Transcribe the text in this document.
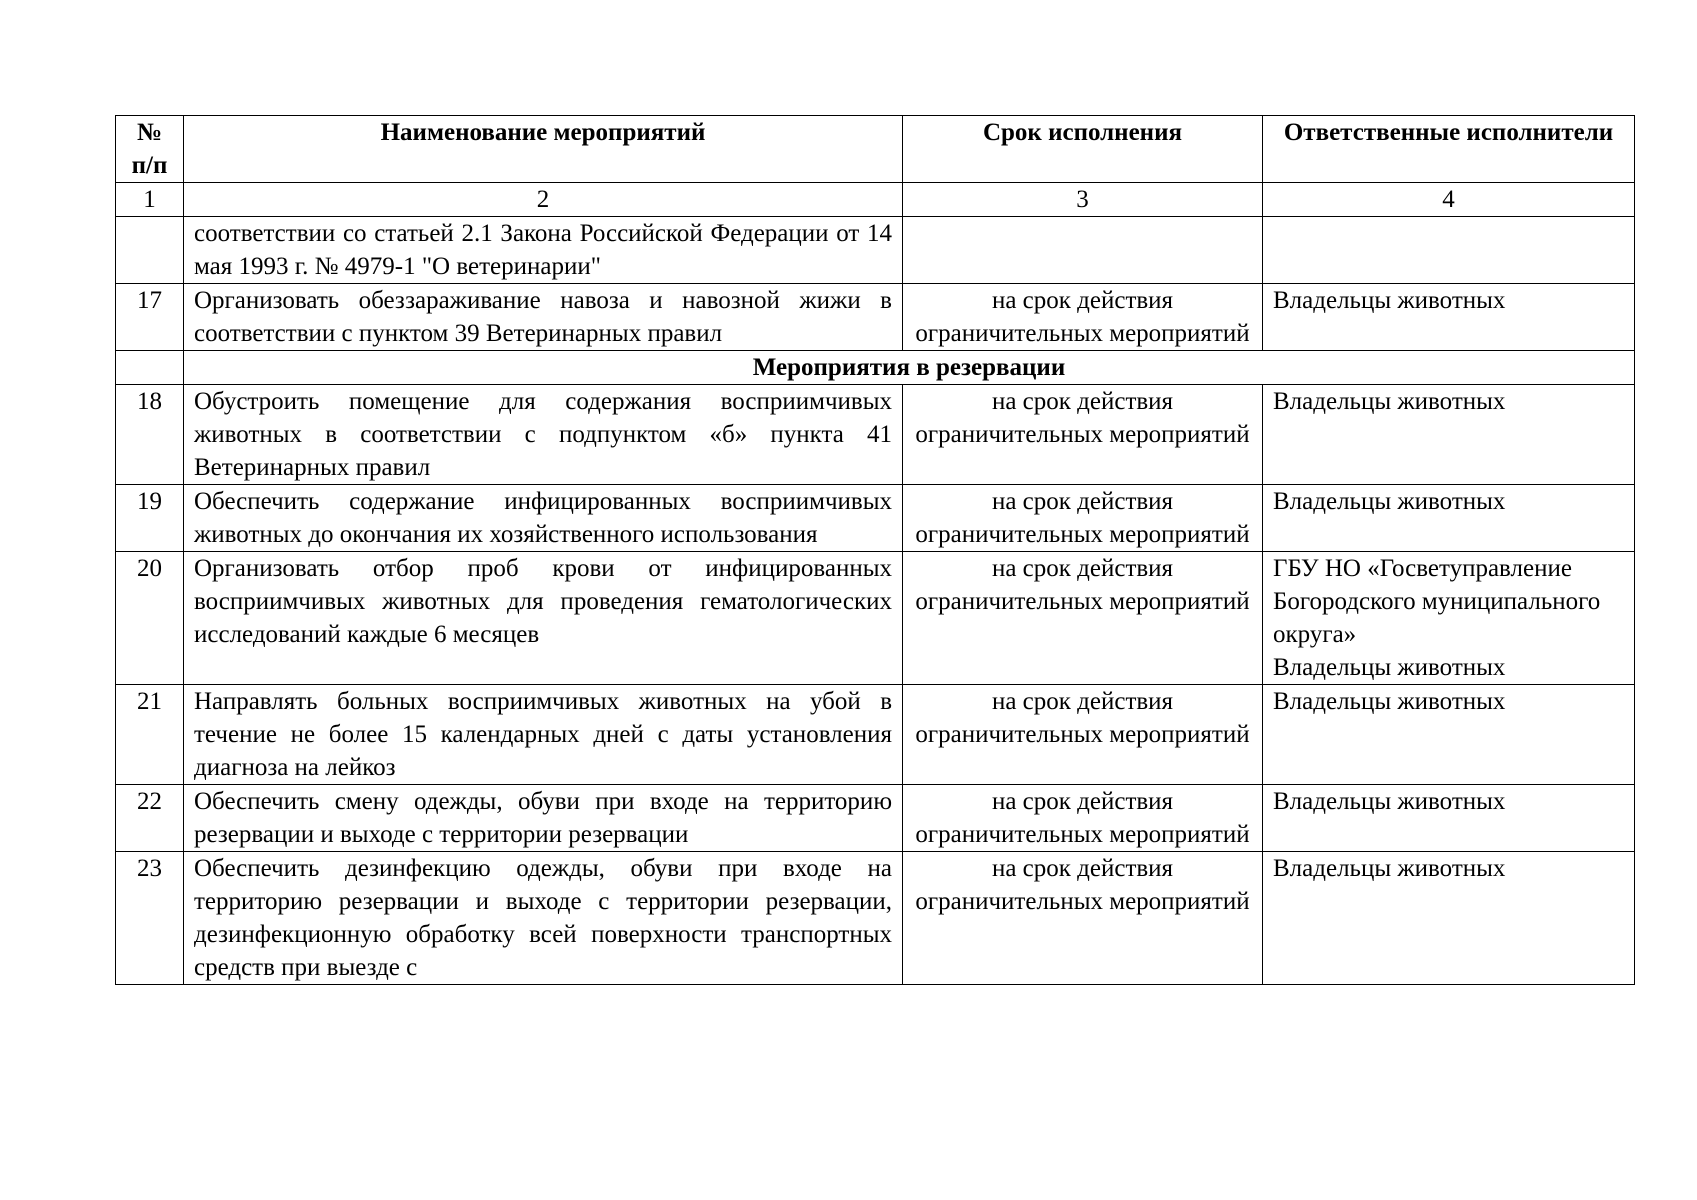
№ п/п	Наименование мероприятий	Срок исполнения	Ответственные исполнители
1	2	3	4
	соответствии со статьей 2.1 Закона Российской Федерации от 14 мая 1993 г. № 4979-1 "О ветеринарии"		
17	Организовать обеззараживание навоза и навозной жижи в соответствии с пунктом 39 Ветеринарных правил	на срок действия ограничительных мероприятий	Владельцы животных

	Мероприятия в резервации		
18	Обустроить помещение для содержания восприимчивых животных в соответствии с подпунктом «б» пункта 41 Ветеринарных правил	на срок действия ограничительных мероприятий	Владельцы животных

19	Обеспечить содержание инфицированных восприимчивых животных до окончания их хозяйственного использования	на срок действия ограничительных мероприятий	Владельцы животных

20	Организовать отбор проб крови от инфицированных восприимчивых животных для проведения гематологических исследований каждые 6 месяцев	на срок действия ограничительных мероприятий	ГБУ НО «Госветуправление Богородского муниципального округа»
Владельцы животных

21	Направлять больных восприимчивых животных на убой в течение не более 15 календарных дней с даты установления диагноза на лейкоз	на срок действия ограничительных мероприятий	Владельцы животных

22	Обеспечить смену одежды, обуви при входе на территорию резервации и выходе с территории резервации	на срок действия ограничительных мероприятий	Владельцы животных

23	Обеспечить дезинфекцию одежды, обуви при входе на территорию резервации и выходе с территории резервации, дезинфекционную обработку всей поверхности транспортных средств при выезде с	на срок действия ограничительных мероприятий	Владельцы животных
